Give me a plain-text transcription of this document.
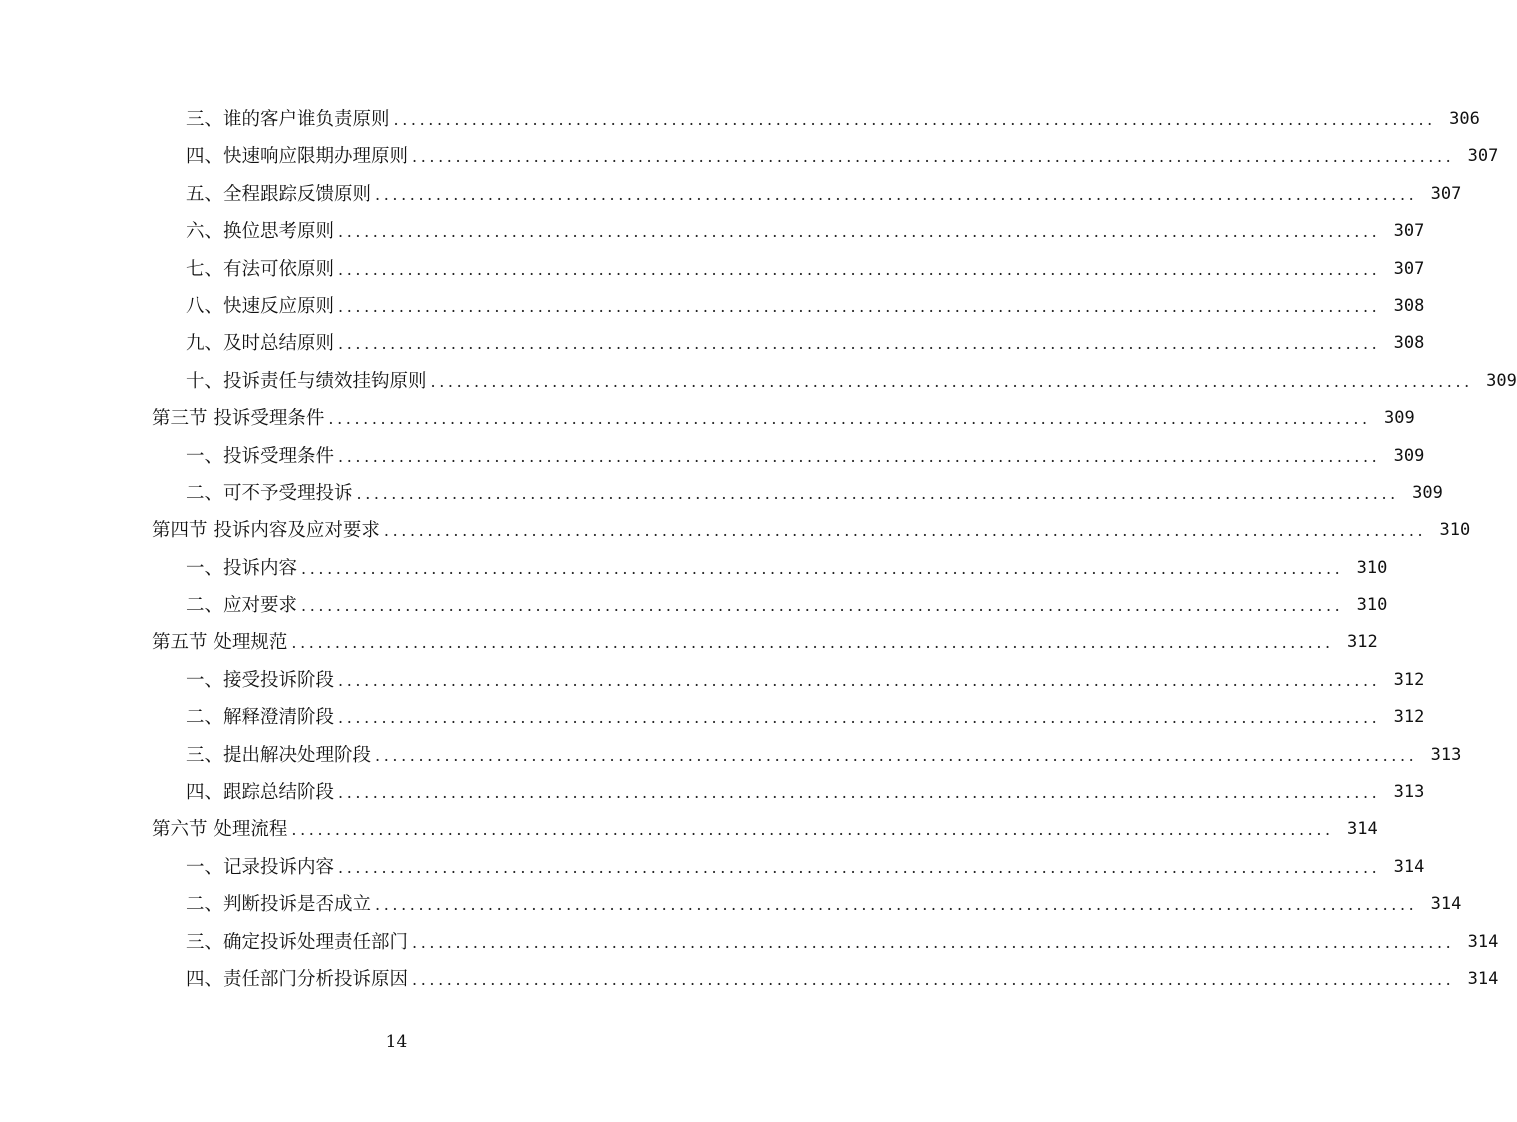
三、谁的客户谁负责原则 ........................................................................................................................ 306
四、快速响应限期办理原则 ........................................................................................................................ 307
五、全程跟踪反馈原则 ........................................................................................................................ 307
六、换位思考原则 ........................................................................................................................ 307
七、有法可依原则 ........................................................................................................................ 307
八、快速反应原则 ........................................................................................................................ 308
九、及时总结原则 ........................................................................................................................ 308
十、投诉责任与绩效挂钩原则 ........................................................................................................................ 309
第三节 投诉受理条件 ........................................................................................................................ 309
一、投诉受理条件 ........................................................................................................................ 309
二、可不予受理投诉 ........................................................................................................................ 309
第四节 投诉内容及应对要求 ........................................................................................................................ 310
一、投诉内容 ........................................................................................................................ 310
二、应对要求 ........................................................................................................................ 310
第五节 处理规范 ........................................................................................................................ 312
一、接受投诉阶段 ........................................................................................................................ 312
二、解释澄清阶段 ........................................................................................................................ 312
三、提出解决处理阶段 ........................................................................................................................ 313
四、跟踪总结阶段 ........................................................................................................................ 313
第六节 处理流程 ........................................................................................................................ 314
一、记录投诉内容 ........................................................................................................................ 314
二、判断投诉是否成立 ........................................................................................................................ 314
三、确定投诉处理责任部门 ........................................................................................................................ 314
四、责任部门分析投诉原因 ........................................................................................................................ 314
14
